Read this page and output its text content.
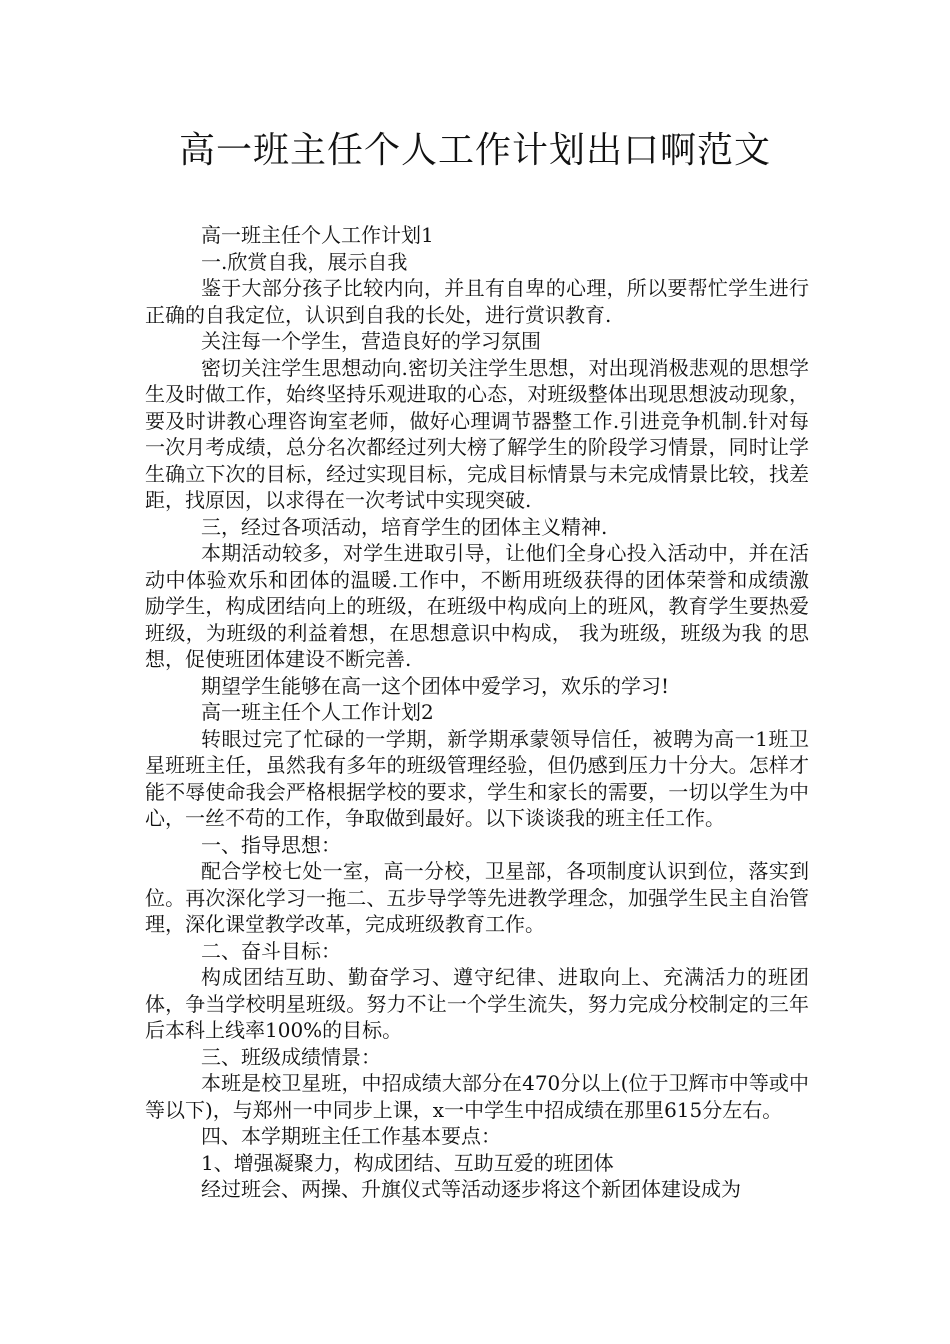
高一班主任个人工作计划出口啊范文

高一班主任个人工作计划1

一.欣赏自我，展示自我

鉴于大部分孩子比较内向，并且有自卑的心理，所以要帮忙学生进行正确的自我定位，认识到自我的长处，进行赏识教育.

关注每一个学生，营造良好的学习氛围

密切关注学生思想动向.密切关注学生思想，对出现消极悲观的思想学生及时做工作，始终坚持乐观进取的心态，对班级整体出现思想波动现象，要及时讲教心理咨询室老师，做好心理调节器整工作.引进竞争机制.针对每一次月考成绩，总分名次都经过列大榜了解学生的阶段学习情景，同时让学生确立下次的目标，经过实现目标，完成目标情景与未完成情景比较，找差距，找原因，以求得在一次考试中实现突破.

三，经过各项活动，培育学生的团体主义精神.

本期活动较多，对学生进取引导，让他们全身心投入活动中，并在活动中体验欢乐和团体的温暖.工作中，不断用班级获得的团体荣誉和成绩激励学生，构成团结向上的班级，在班级中构成向上的班风，教育学生要热爱班级，为班级的利益着想，在思想意识中构成， 我为班级，班级为我 的思想，促使班团体建设不断完善.

期望学生能够在高一这个团体中爱学习，欢乐的学习!

高一班主任个人工作计划2

转眼过完了忙碌的一学期，新学期承蒙领导信任，被聘为高一1班卫星班班主任，虽然我有多年的班级管理经验，但仍感到压力十分大。怎样才能不辱使命我会严格根据学校的要求，学生和家长的需要，一切以学生为中心，一丝不苟的工作，争取做到最好。以下谈谈我的班主任工作。

一、指导思想：

配合学校七处一室，高一分校，卫星部，各项制度认识到位，落实到位。再次深化学习一拖二、五步导学等先进教学理念，加强学生民主自治管理，深化课堂教学改革，完成班级教育工作。

二、奋斗目标：

构成团结互助、勤奋学习、遵守纪律、进取向上、充满活力的班团体，争当学校明星班级。努力不让一个学生流失，努力完成分校制定的三年后本科上线率100%的目标。

三、班级成绩情景：

本班是校卫星班，中招成绩大部分在470分以上(位于卫辉市中等或中等以下)，与郑州一中同步上课，x一中学生中招成绩在那里615分左右。

四、本学期班主任工作基本要点：

1、增强凝聚力，构成团结、互助互爱的班团体

经过班会、两操、升旗仪式等活动逐步将这个新团体建设成为
